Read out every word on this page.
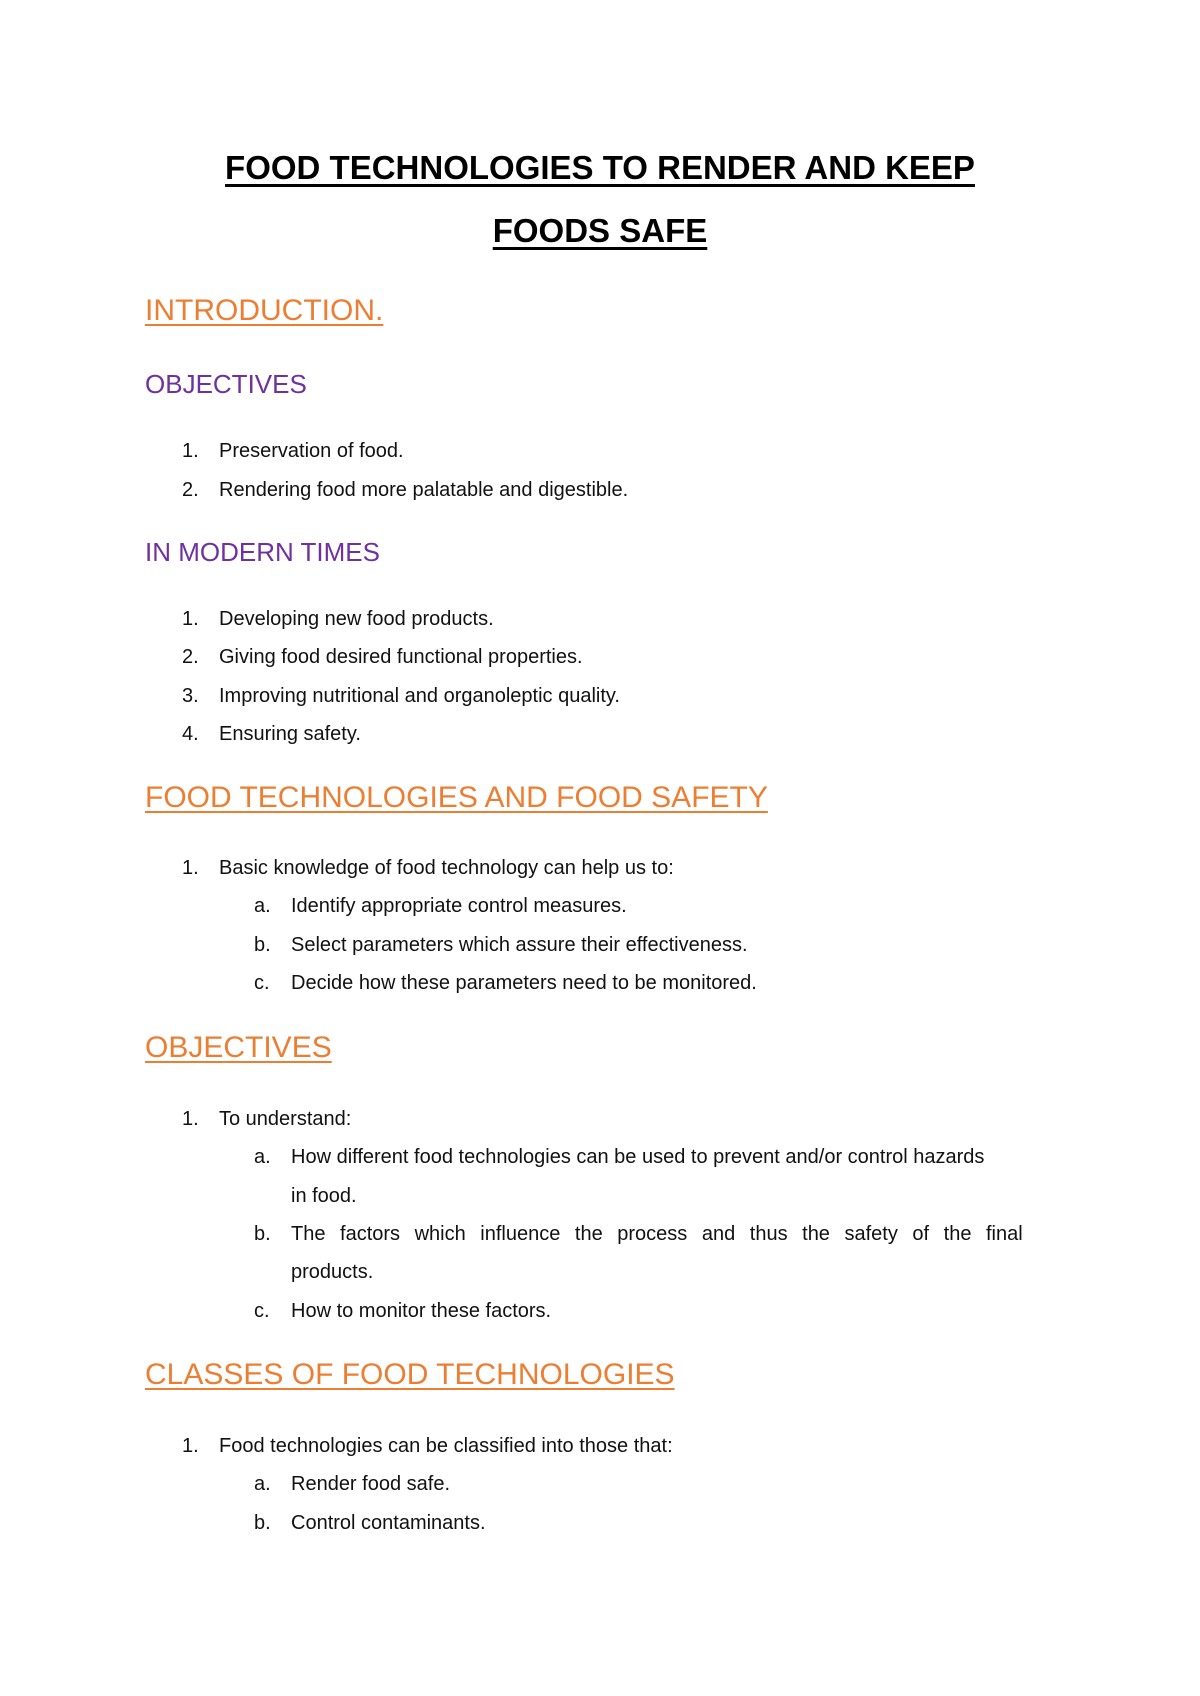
FOOD TECHNOLOGIES TO RENDER AND KEEP
FOODS SAFE
INTRODUCTION.
OBJECTIVES
1. Preservation of food.
2. Rendering food more palatable and digestible.
IN MODERN TIMES
1. Developing new food products.
2. Giving food desired functional properties.
3. Improving nutritional and organoleptic quality.
4. Ensuring safety.
FOOD TECHNOLOGIES AND FOOD SAFETY
1. Basic knowledge of food technology can help us to:
a. Identify appropriate control measures.
b. Select parameters which assure their effectiveness.
c. Decide how these parameters need to be monitored.
OBJECTIVES
1. To understand:
a. How different food technologies can be used to prevent and/or control hazards
in food.
b. The factors which influence the process and thus the safety of the final
products.
c. How to monitor these factors.
CLASSES OF FOOD TECHNOLOGIES
1. Food technologies can be classified into those that:
a. Render food safe.
b. Control contaminants.
